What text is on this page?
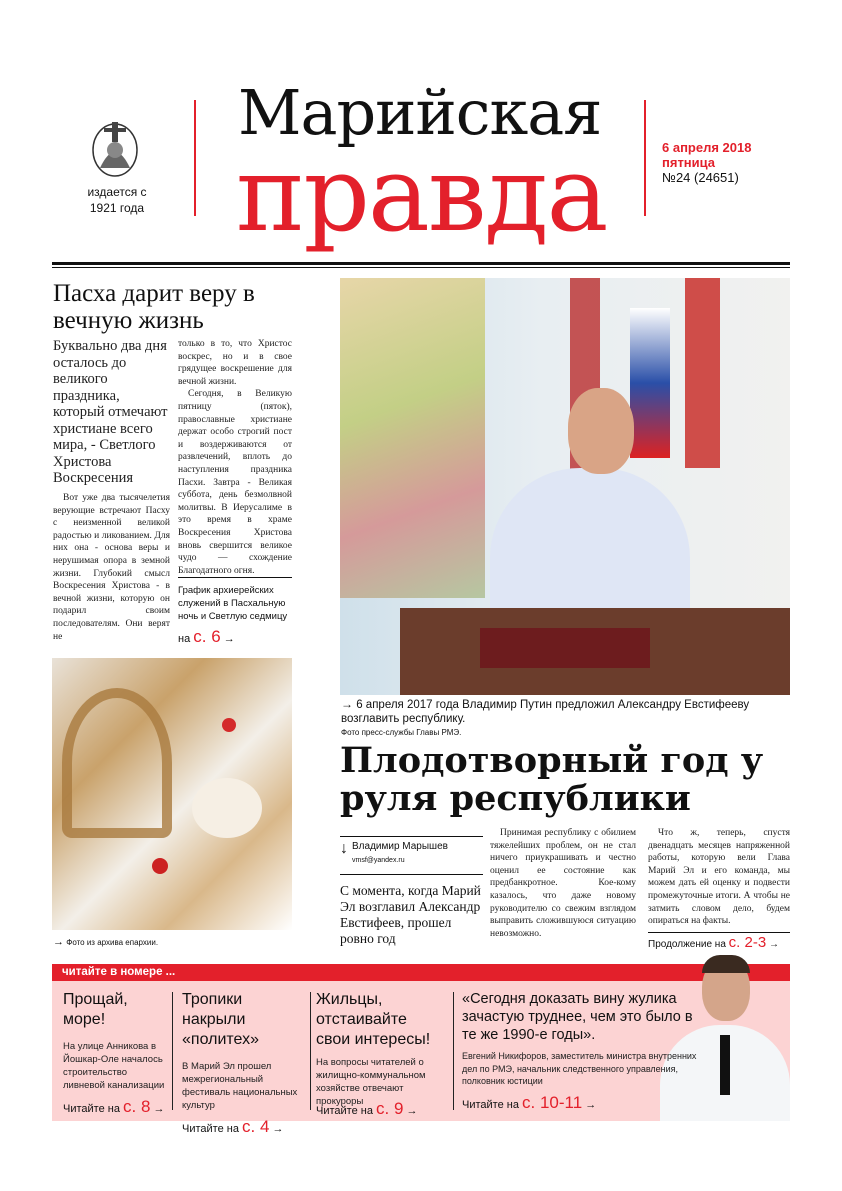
издается с 1921 года
Марийская
правда	6 апреля 2018
пятница
№24 (24651)
Пасха дарит веру в вечную жизнь
Буквально два дня осталось до великого праздника, который отмечают христиане всего мира, - Светлого Христова Воскресения

Вот уже два тысячелетия верующие встречают Пасху с неизменной великой радостью и ликованием. Для них она - основа веры и нерушимая опора в земной жизни. Глубокий смысл Воскресения Христова - в вечной жизни, которую он подарил своим последователям. Они верят не

только в то, что Христос воскрес, но и в свое грядущее воскрешение для вечной жизни.

Сегодня, в Великую пятницу (пяток), православные христиане держат особо строгий пост и воздерживаются от развлечений, вплоть до наступления праздника Пасхи. Завтра - Великая суббота, день безмолвной молитвы. В Иерусалиме в это время в храме Воскресения Христова вновь свершится великое чудо — схождение Благодатного огня.

График архиерейских служений в Пасхальную ночь и Светлую седмицу
на с. 6 →
→ Фото из архива епархии.
→ 6 апреля 2017 года Владимир Путин предложил Александру Евстифееву возглавить республику.
Фото пресс-службы Главы РМЭ.
Плодотворный год у руля республики
↓ Владимир Марышев
vmsf@yandex.ru
С момента, когда Марий Эл возглавил Александр Евстифеев, прошел ровно год

Принимая республику с обилием тяжелейших проблем, он не стал ничего приукрашивать и честно оценил ее состояние как предбанкротное. Кое-кому казалось, что даже новому руководителю со свежим взглядом выправить сложившуюся ситуацию невозможно.

Что ж, теперь, спустя двенадцать месяцев напряженной работы, которую вели Глава Марий Эл и его команда, мы можем дать ей оценку и подвести промежуточные итоги. А чтобы не затмить словом дело, будем опираться на факты.

Продолжение на с. 2-3 →
читайте в номере ...
Прощай, море!
На улице Анникова в Йошкар-Оле началось строительство ливневой канализации
Читайте на с. 8 →
Тропики накрыли «политех»
В Марий Эл прошел межрегиональный фестиваль национальных культур
Читайте на с. 4 →
Жильцы, отстаивайте свои интересы!
На вопросы читателей о жилищно-коммунальном хозяйстве отвечают прокуроры
Читайте на с. 9 →
«Сегодня доказать вину жулика зачастую труднее, чем это было в те же 1990-е годы».
Евгений Никифоров, заместитель министра внутренних дел по РМЭ, начальник следственного управления, полковник юстиции
Читайте на с. 10-11 →
